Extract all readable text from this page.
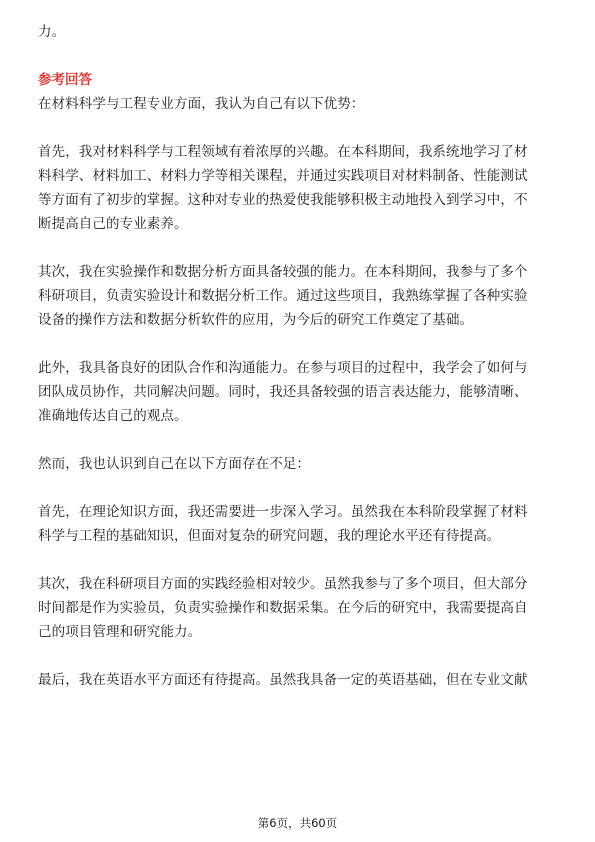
力。
参考回答
在材料科学与工程专业方面，我认为自己有以下优势：
首先，我对材料科学与工程领域有着浓厚的兴趣。在本科期间，我系统地学习了材
料科学、材料加工、材料力学等相关课程，并通过实践项目对材料制备、性能测试
等方面有了初步的掌握。这种对专业的热爱使我能够积极主动地投入到学习中，不
断提高自己的专业素养。
其次，我在实验操作和数据分析方面具备较强的能力。在本科期间，我参与了多个
科研项目，负责实验设计和数据分析工作。通过这些项目，我熟练掌握了各种实验
设备的操作方法和数据分析软件的应用，为今后的研究工作奠定了基础。
此外，我具备良好的团队合作和沟通能力。在参与项目的过程中，我学会了如何与
团队成员协作，共同解决问题。同时，我还具备较强的语言表达能力，能够清晰、
准确地传达自己的观点。
然而，我也认识到自己在以下方面存在不足：
首先，在理论知识方面，我还需要进一步深入学习。虽然我在本科阶段掌握了材料
科学与工程的基础知识，但面对复杂的研究问题，我的理论水平还有待提高。
其次，我在科研项目方面的实践经验相对较少。虽然我参与了多个项目，但大部分
时间都是作为实验员，负责实验操作和数据采集。在今后的研究中，我需要提高自
己的项目管理和研究能力。
最后，我在英语水平方面还有待提高。虽然我具备一定的英语基础，但在专业文献
第6页，共60页
